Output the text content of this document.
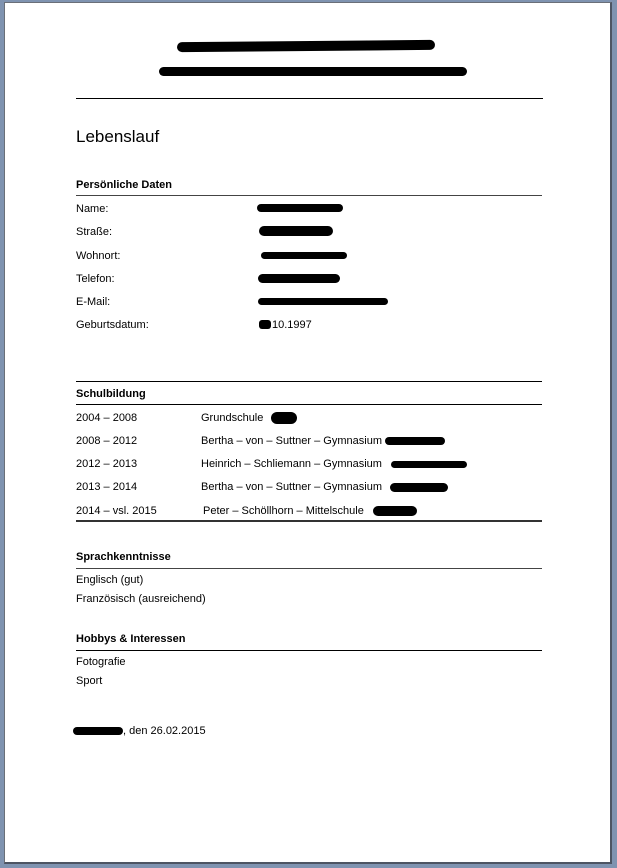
Lebenslauf
Persönliche Daten
Name:
Straße:
Wohnort:
Telefon:
E-Mail:
Geburtsdatum:	10.1997
Schulbildung
2004 – 2008	Grundschule
2008 – 2012	Bertha – von – Suttner – Gymnasium
2012 – 2013	Heinrich – Schliemann – Gymnasium
2013 – 2014	Bertha – von – Suttner – Gymnasium
2014 – vsl. 2015	Peter – Schöllhorn – Mittelschule
Sprachkenntnisse
Englisch (gut)
Französisch (ausreichend)
Hobbys & Interessen
Fotografie
Sport
, den 26.02.2015
